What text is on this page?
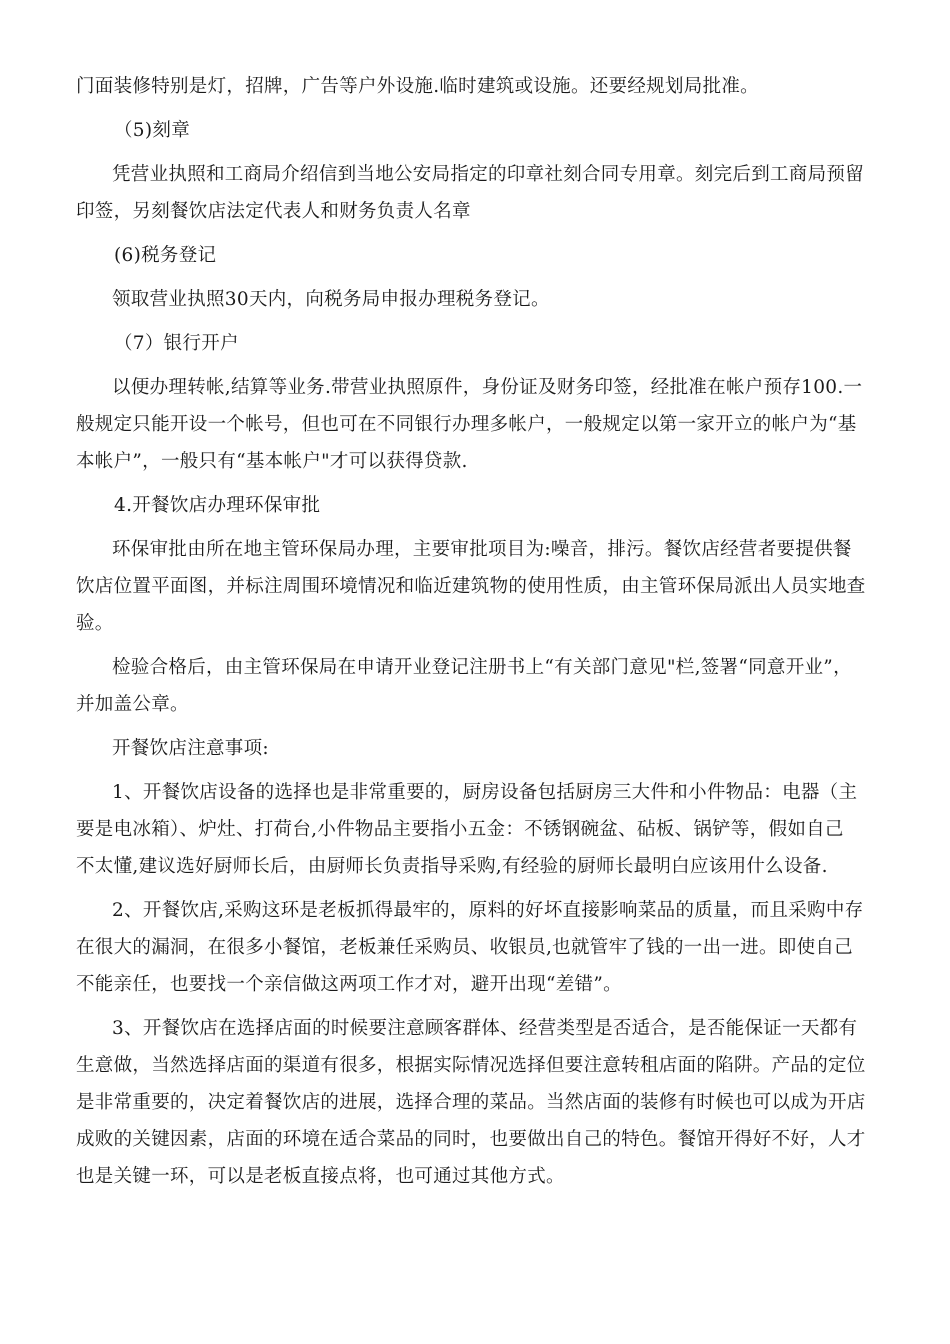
门面装修特别是灯，招牌，广告等户外设施.临时建筑或设施。还要经规划局批准。

（5)刻章

凭营业执照和工商局介绍信到当地公安局指定的印章社刻合同专用章。刻完后到工商局预留

印签，另刻餐饮店法定代表人和财务负责人名章

(6)税务登记

领取营业执照30天内，向税务局申报办理税务登记。

（7）银行开户

以便办理转帐,结算等业务.带营业执照原件，身份证及财务印签，经批准在帐户预存100.一

般规定只能开设一个帐号，但也可在不同银行办理多帐户，一般规定以第一家开立的帐户为“基

本帐户”，一般只有“基本帐户"才可以获得贷款.

4.开餐饮店办理环保审批

环保审批由所在地主管环保局办理，主要审批项目为:噪音，排污。餐饮店经营者要提供餐

饮店位置平面图，并标注周围环境情况和临近建筑物的使用性质，由主管环保局派出人员实地查

验。

检验合格后，由主管环保局在申请开业登记注册书上“有关部门意见"栏,签署“同意开业”，

并加盖公章。

开餐饮店注意事项:

1、开餐饮店设备的选择也是非常重要的，厨房设备包括厨房三大件和小件物品：电器（主

要是电冰箱）、炉灶、打荷台,小件物品主要指小五金：不锈钢碗盆、砧板、锅铲等，假如自己

不太懂,建议选好厨师长后，由厨师长负责指导采购,有经验的厨师长最明白应该用什么设备.

2、开餐饮店,采购这环是老板抓得最牢的，原料的好坏直接影响菜品的质量，而且采购中存

在很大的漏洞，在很多小餐馆，老板兼任采购员、收银员,也就管牢了钱的一出一进。即使自己

不能亲任，也要找一个亲信做这两项工作才对，避开出现“差错”。

3、开餐饮店在选择店面的时候要注意顾客群体、经营类型是否适合，是否能保证一天都有

生意做，当然选择店面的渠道有很多，根据实际情况选择但要注意转租店面的陷阱。产品的定位

是非常重要的，决定着餐饮店的进展，选择合理的菜品。当然店面的装修有时候也可以成为开店

成败的关键因素，店面的环境在适合菜品的同时，也要做出自己的特色。餐馆开得好不好，人才

也是关键一环，可以是老板直接点将，也可通过其他方式。
